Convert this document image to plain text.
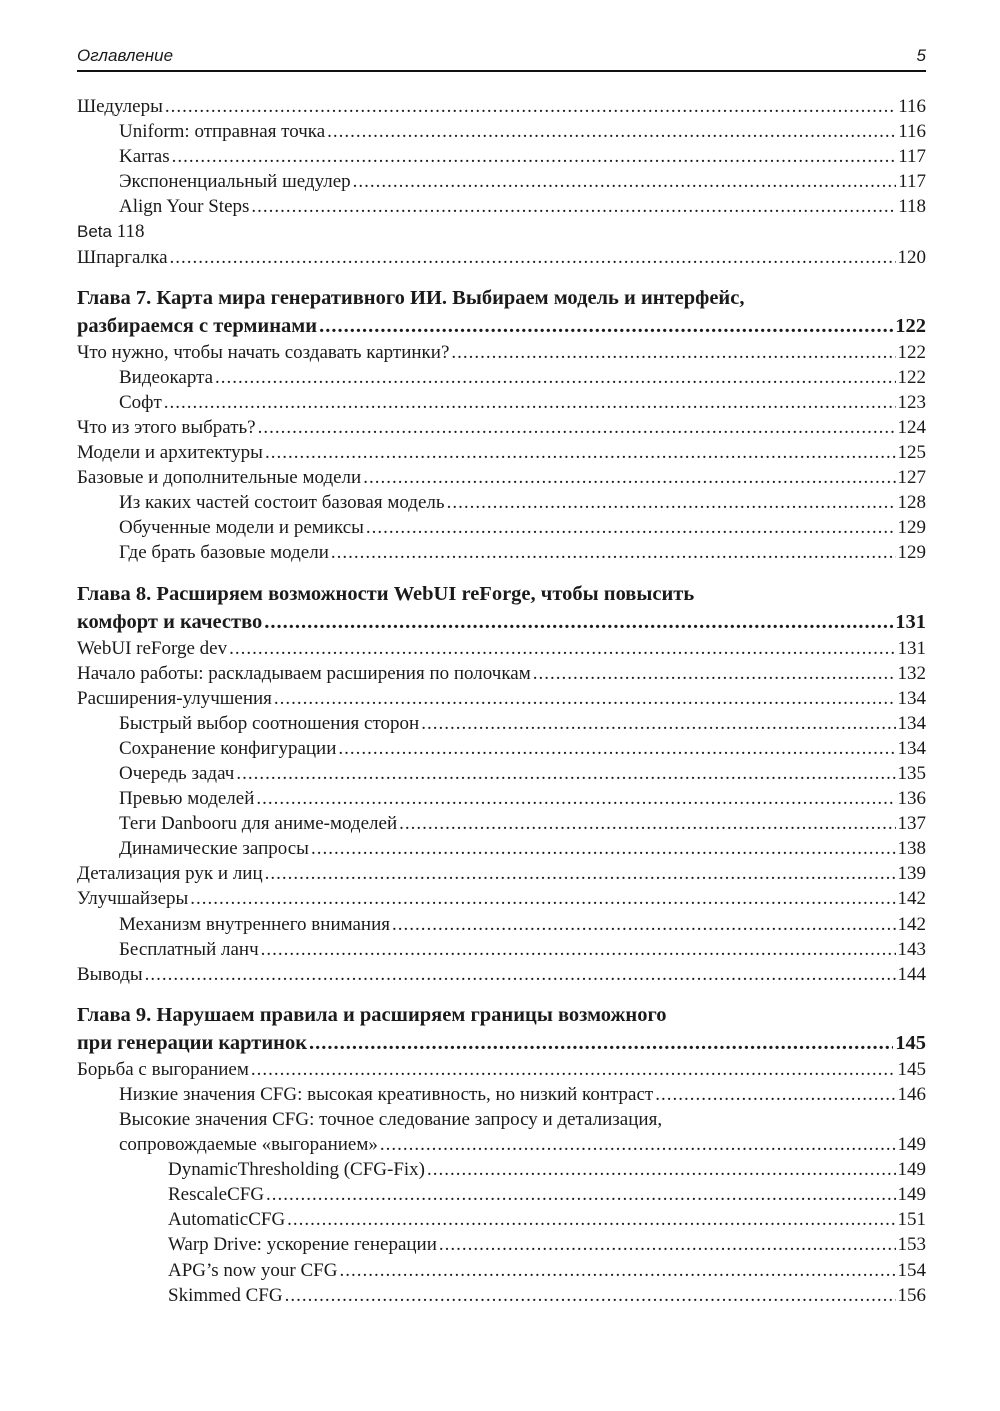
Оглавление	5
Шедулеры .....	116
Uniform: отправная точка .....	116
Karras .....	117
Экспоненциальный шедулер .....	117
Align Your Steps .....	118
Beta 118
Шпаргалка .....	120
Глава 7. Карта мира генеративного ИИ. Выбираем модель и интерфейс,
разбираемся с терминами .....	122
Что нужно, чтобы начать создавать картинки? .....	122
Видеокарта .....	122
Софт .....	123
Что из этого выбрать? .....	124
Модели и архитектуры .....	125
Базовые и дополнительные модели .....	127
Из каких частей состоит базовая модель .....	128
Обученные модели и ремиксы .....	129
Где брать базовые модели .....	129
Глава 8. Расширяем возможности WebUI reForge, чтобы повысить
комфорт и качество .....	131
WebUI reForge dev .....	131
Начало работы: раскладываем расширения по полочкам .....	132
Расширения-улучшения .....	134
Быстрый выбор соотношения сторон .....	134
Сохранение конфигурации .....	134
Очередь задач .....	135
Превью моделей .....	136
Теги Danbooru для аниме-моделей .....	137
Динамические запросы .....	138
Детализация рук и лиц .....	139
Улучшайзеры .....	142
Механизм внутреннего внимания .....	142
Бесплатный ланч .....	143
Выводы .....	144
Глава 9. Нарушаем правила и расширяем границы возможного
при генерации картинок .....	145
Борьба с выгоранием .....	145
Низкие значения CFG: высокая креативность, но низкий контраст .....	146
Высокие значения CFG: точное следование запросу и детализация,
сопровождаемые «выгоранием» .....	149
DynamicThresholding (CFG-Fix) .....	149
RescaleCFG .....	149
AutomaticCFG .....	151
Warp Drive: ускорение генерации .....	153
APG’s now your CFG .....	154
Skimmed CFG .....	156
